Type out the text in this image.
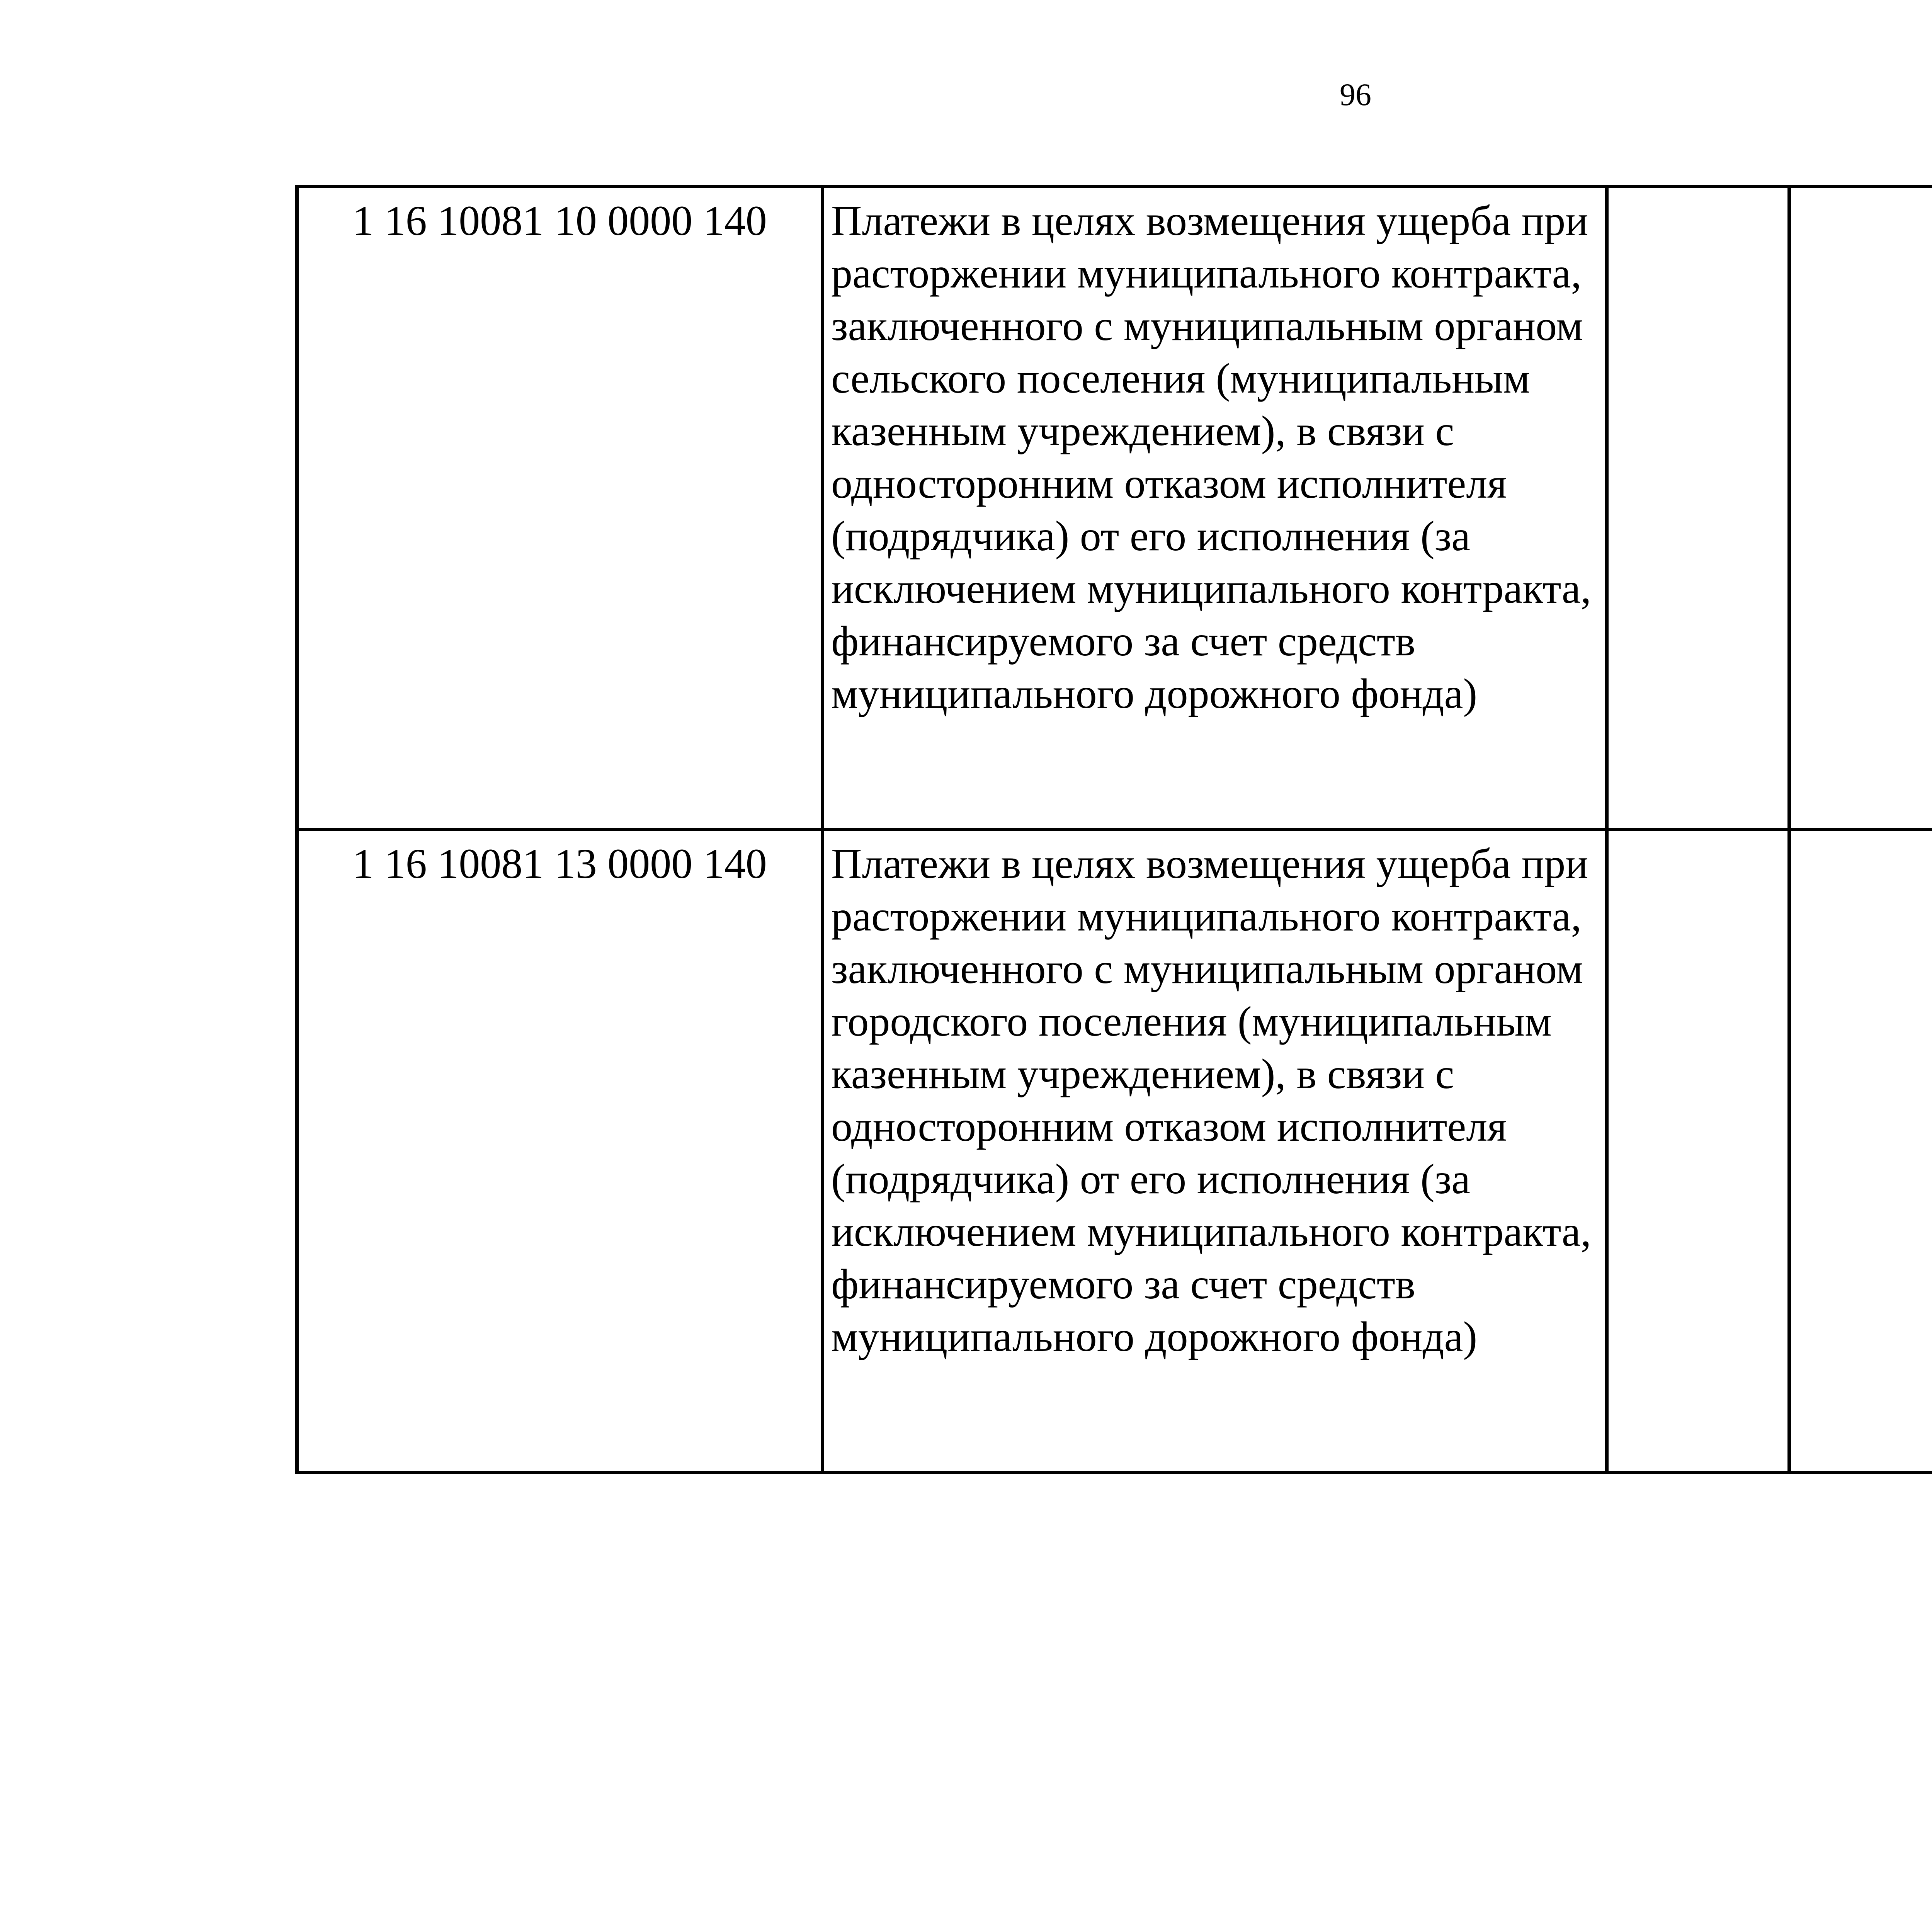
96
1 16 10081 10 0000 140	Платежи в целях возмещения ущерба при расторжении муниципального контракта, заключенного с муниципальным органом сельского поселения (муниципальным казенным учреждением), в связи с односторонним отказом исполнителя (подрядчика) от его исполнения (за исключением муниципального контракта, финансируемого за счет средств муниципального дорожного фонда)					
1 16 10081 13 0000 140	Платежи в целях возмещения ущерба при расторжении муниципального контракта, заключенного с муниципальным органом городского поселения (муниципальным казенным учреждением), в связи с односторонним отказом исполнителя (подрядчика) от его исполнения (за исключением муниципального контракта, финансируемого за счет средств муниципального дорожного фонда)					
